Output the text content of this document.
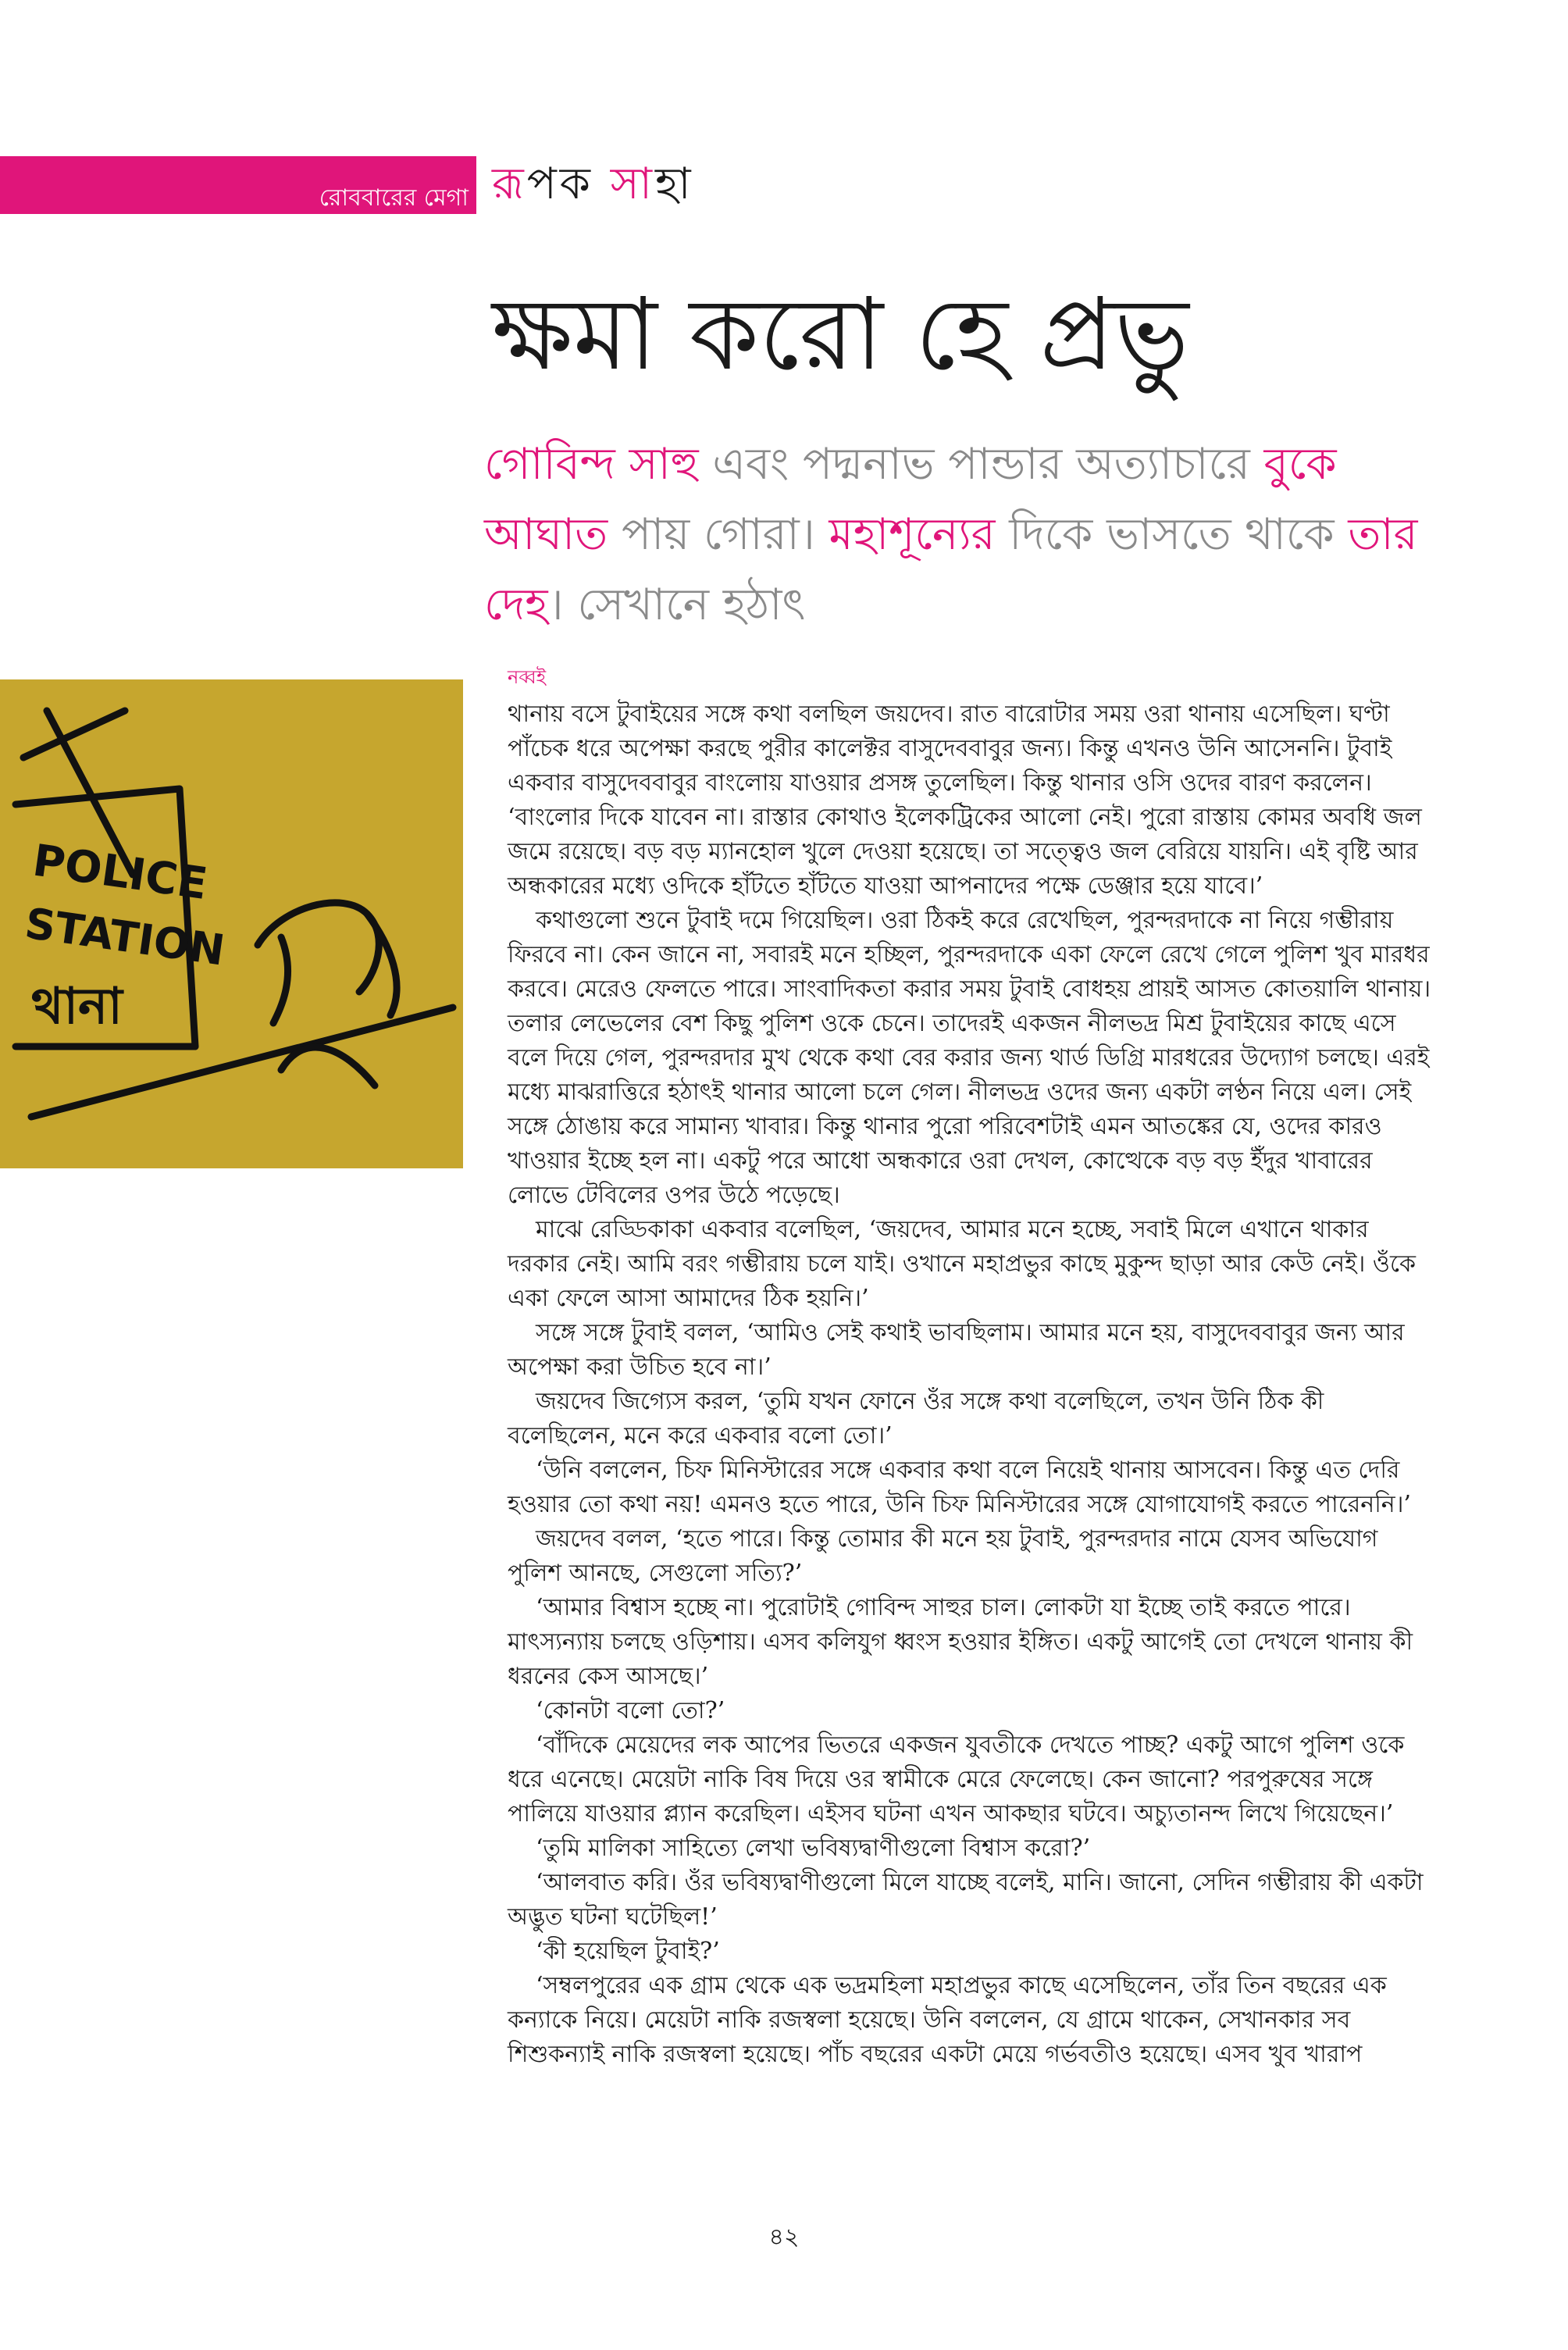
রোববারের মেগা রূপক সাহা
ক্ষমা করো হে প্রভু
গোবিন্দ সাহু এবং পদ্মনাভ পান্ডার অত্যাচারে বুকে আঘাত পায় গোরা। মহাশূন্যের দিকে ভাসতে থাকে তার দেহ। সেখানে হঠাৎ
POLICE
STATION
থানা
নব্বই

থানায় বসে টুবাইয়ের সঙ্গে কথা বলছিল জয়দেব। রাত বারোটার সময় ওরা থানায় এসেছিল। ঘণ্টা পাঁচেক ধরে অপেক্ষা করছে পুরীর কালেক্টর বাসুদেববাবুর জন্য। কিন্তু এখনও উনি আসেননি। টুবাই একবার বাসুদেববাবুর বাংলোয় যাওয়ার প্রসঙ্গ তুলেছিল। কিন্তু থানার ওসি ওদের বারণ করলেন। ‘বাংলোর দিকে যাবেন না। রাস্তার কোথাও ইলেকট্রিকের আলো নেই। পুরো রাস্তায় কোমর অবধি জল জমে রয়েছে। বড় বড় ম্যানহোল খুলে দেওয়া হয়েছে। তা সত্ত্বেও জল বেরিয়ে যায়নি। এই বৃষ্টি আর অন্ধকারের মধ্যে ওদিকে হাঁটতে হাঁটতে যাওয়া আপনাদের পক্ষে ডেঞ্জার হয়ে যাবে।’

কথাগুলো শুনে টুবাই দমে গিয়েছিল। ওরা ঠিকই করে রেখেছিল, পুরন্দরদাকে না নিয়ে গম্ভীরায় ফিরবে না। কেন জানে না, সবারই মনে হচ্ছিল, পুরন্দরদাকে একা ফেলে রেখে গেলে পুলিশ খুব মারধর করবে। মেরেও ফেলতে পারে। সাংবাদিকতা করার সময় টুবাই বোধহয় প্রায়ই আসত কোতয়ালি থানায়। তলার লেভেলের বেশ কিছু পুলিশ ওকে চেনে। তাদেরই একজন নীলভদ্র মিশ্র টুবাইয়ের কাছে এসে বলে দিয়ে গেল, পুরন্দরদার মুখ থেকে কথা বের করার জন্য থার্ড ডিগ্রি মারধরের উদ্যোগ চলছে। এরই মধ্যে মাঝরাত্তিরে হঠাৎই থানার আলো চলে গেল। নীলভদ্র ওদের জন্য একটা লণ্ঠন নিয়ে এল। সেই সঙ্গে ঠোঙায় করে সামান্য খাবার। কিন্তু থানার পুরো পরিবেশটাই এমন আতঙ্কের যে, ওদের কারও খাওয়ার ইচ্ছে হল না। একটু পরে আধো অন্ধকারে ওরা দেখল, কোত্থেকে বড় বড় ইঁদুর খাবারের লোভে টেবিলের ওপর উঠে পড়েছে।

মাঝে রেড্ডিকাকা একবার বলেছিল, ‘জয়দেব, আমার মনে হচ্ছে, সবাই মিলে এখানে থাকার দরকার নেই। আমি বরং গম্ভীরায় চলে যাই। ওখানে মহাপ্রভুর কাছে মুকুন্দ ছাড়া আর কেউ নেই। ওঁকে একা ফেলে আসা আমাদের ঠিক হয়নি।’

সঙ্গে সঙ্গে টুবাই বলল, ‘আমিও সেই কথাই ভাবছিলাম। আমার মনে হয়, বাসুদেববাবুর জন্য আর অপেক্ষা করা উচিত হবে না।’

জয়দেব জিগ্যেস করল, ‘তুমি যখন ফোনে ওঁর সঙ্গে কথা বলেছিলে, তখন উনি ঠিক কী বলেছিলেন, মনে করে একবার বলো তো।’

‘উনি বললেন, চিফ মিনিস্টারের সঙ্গে একবার কথা বলে নিয়েই থানায় আসবেন। কিন্তু এত দেরি হওয়ার তো কথা নয়! এমনও হতে পারে, উনি চিফ মিনিস্টারের সঙ্গে যোগাযোগই করতে পারেননি।’

জয়দেব বলল, ‘হতে পারে। কিন্তু তোমার কী মনে হয় টুবাই, পুরন্দরদার নামে যেসব অভিযোগ পুলিশ আনছে, সেগুলো সত্যি?’

‘আমার বিশ্বাস হচ্ছে না। পুরোটাই গোবিন্দ সাহুর চাল। লোকটা যা ইচ্ছে তাই করতে পারে। মাৎস্যন্যায় চলছে ওড়িশায়। এসব কলিযুগ ধ্বংস হওয়ার ইঙ্গিত। একটু আগেই তো দেখলে থানায় কী ধরনের কেস আসছে।’

‘কোনটা বলো তো?’

‘বাঁদিকে মেয়েদের লক আপের ভিতরে একজন যুবতীকে দেখতে পাচ্ছ? একটু আগে পুলিশ ওকে ধরে এনেছে। মেয়েটা নাকি বিষ দিয়ে ওর স্বামীকে মেরে ফেলেছে। কেন জানো? পরপুরুষের সঙ্গে পালিয়ে যাওয়ার প্ল্যান করেছিল। এইসব ঘটনা এখন আকছার ঘটবে। অচ্যুতানন্দ লিখে গিয়েছেন।’

‘তুমি মালিকা সাহিত্যে লেখা ভবিষ্যদ্বাণীগুলো বিশ্বাস করো?’

‘আলবাত করি। ওঁর ভবিষ্যদ্বাণীগুলো মিলে যাচ্ছে বলেই, মানি। জানো, সেদিন গম্ভীরায় কী একটা অদ্ভুত ঘটনা ঘটেছিল!’

‘কী হয়েছিল টুবাই?’

‘সম্বলপুরের এক গ্রাম থেকে এক ভদ্রমহিলা মহাপ্রভুর কাছে এসেছিলেন, তাঁর তিন বছরের এক কন্যাকে নিয়ে। মেয়েটা নাকি রজস্বলা হয়েছে। উনি বললেন, যে গ্রামে থাকেন, সেখানকার সব শিশুকন্যাই নাকি রজস্বলা হয়েছে। পাঁচ বছরের একটা মেয়ে গর্ভবতীও হয়েছে। এসব খুব খারাপ

৪২
